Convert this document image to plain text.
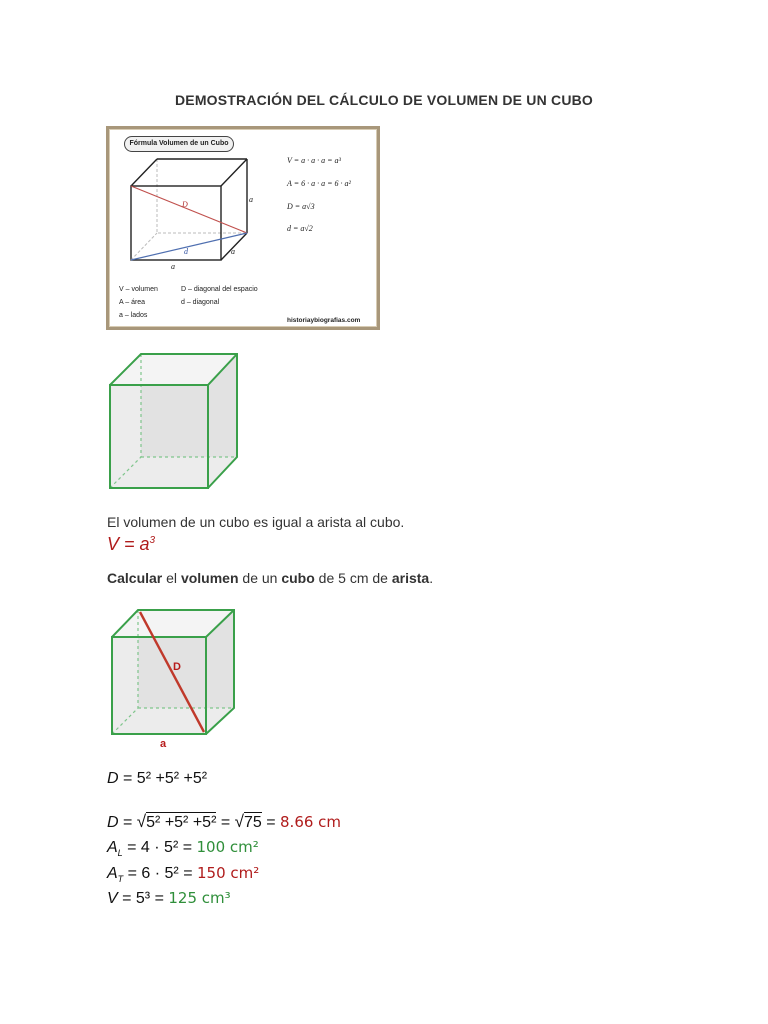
DEMOSTRACIÓN DEL CÁLCULO DE VOLUMEN DE UN CUBO
Fórmula Volumen de un Cubo
D
d
a
a
a
V = a · a · a = a³
A = 6 · a · a = 6 · a²
D = a√3
d = a√2
V – volumen	D – diagonal del espacio
A – área	d – diagonal
a – lados
historiaybiografias.com
El volumen de un cubo es igual a arista al cubo.
$V = a^3$
Calcular el volumen de un cubo de 5 cm de arista.
D
a
D = 5² +5² +5²
D = √5² +5² +5² = √75 = 8.66 cm
$A_L = 4 \cdot 5^2 = 100$ cm²
$A_T = 6 \cdot 5^2 = 150$ cm²
V = 5³ = 125 cm³
